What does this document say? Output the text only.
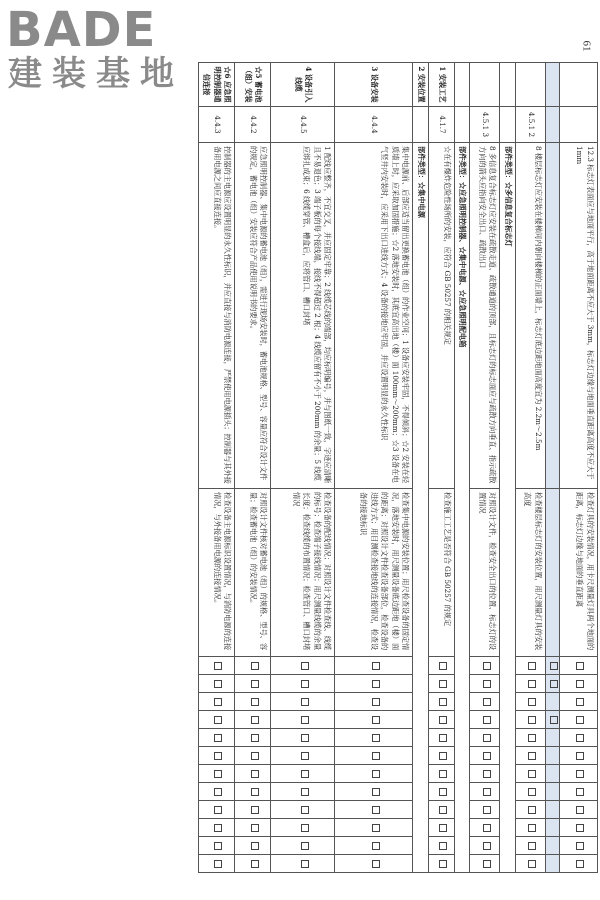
BADE
建装基地
61
		12.3 标志灯表面应与地面平行，高于地面距离不应大于 3mm，标志灯边缘与地面垂直距离高度不应大于 1mm	检查灯具的安装情况，用卡尺测量灯具两个地面的距离，标志灯边缘与地面的垂直距离												

	4.5.1 2	8 楼层标志灯应安装在楼梯间内朝向楼梯的正面墙上，标志灯底边距地面高度宜为 2.2m～2.5m	检查楼层标志灯的安装位置，用尺测量灯具的安装高度												
		部件类型：☆多信息复合标志灯													
	4.5.1 3	8 多信息复合标志灯应安装在疏散走道、疏散通道的顶部，且标志灯的标志面应与疏散方向垂直、指示疏散方向的箭头应指向安全出口、疏散出口	对照设计文件，检查安全出口的位置、标志灯的设置情况												
		部件类型：☆应急照明控制器、☆集中电源、☆应急照明配电箱													
1 安装工艺	4.1.7	☆在有爆炸危险性场所的安装，应符合 GB 50257 的相关规定	检查施工工艺是否符合 GB 50257 的规定												
2 安装位置		部件类型：☆集中电源													
3 设备安装	4.4.4	集中电源前、后部应适当留出更换蓄电池（组）的作业空间；1 设备应安装牢固，不得倾斜；☆2 安装在轻质墙上时，应采取加固措施；☆2 落地安装时，其底宜高出地（楼）面 100mm～200mm；☆3 设备在电气竖井内安装时，应采用下出口进线方式；4 设备的接地应牢固，并应设置明显的永久性标识	检查集中电源的安装位置；用尺检查设备的固定情况，落地安装时，用尺测量设备底边距地（楼）面的距离；对照设计文件检查设备部位，检查设备的进线方式；用目测检查接地线的连接情况，检查设备的接地标识												
4 设备引入线缆	4.4.5	1 配线应整齐，不宜交叉，并应固定牢靠；2 线缆芯线的端部，均应标明编号，并与图纸一致，字迹应清晰且不易退色；3 端子板的每个接线端，接线不得超过 2 根；4 线缆应留有不小于 200mm 的余量；5 线缆应绑扎成束；6 线缆穿管、槽盒后，应将管口、槽口封堵	检查设备的配线情况；对照设计文件检查线、线缆的标号；检查端子接线情况；用尺测量线缆的余量长度；检查线缆的布置情况；检查管口、槽口封堵情况												
☆5 蓄电池（组）安装	4.4.2	应急照明控制器、集中电源的蓄电池（组），需进行现场安装时，蓄电池规格、型号、容量应符合设计文件的规定，蓄电池（组）安装应符合产品使用说明书的要求。	对照设计文件核对蓄电池（组）的规格、型号、容量；检查蓄电池（组）的安装情况。												
☆6 应急照明控制器通信连接	4.4.3	控制器的主电源应设置明显的永久性标识，并应直接与消防电源连接，严禁使用电源插头；控制器与其外接备用电源之间应直接连接。	检查设备主电源标识设置情况，与消防电源的连接情况，与外接备用电源的连接情况。												
